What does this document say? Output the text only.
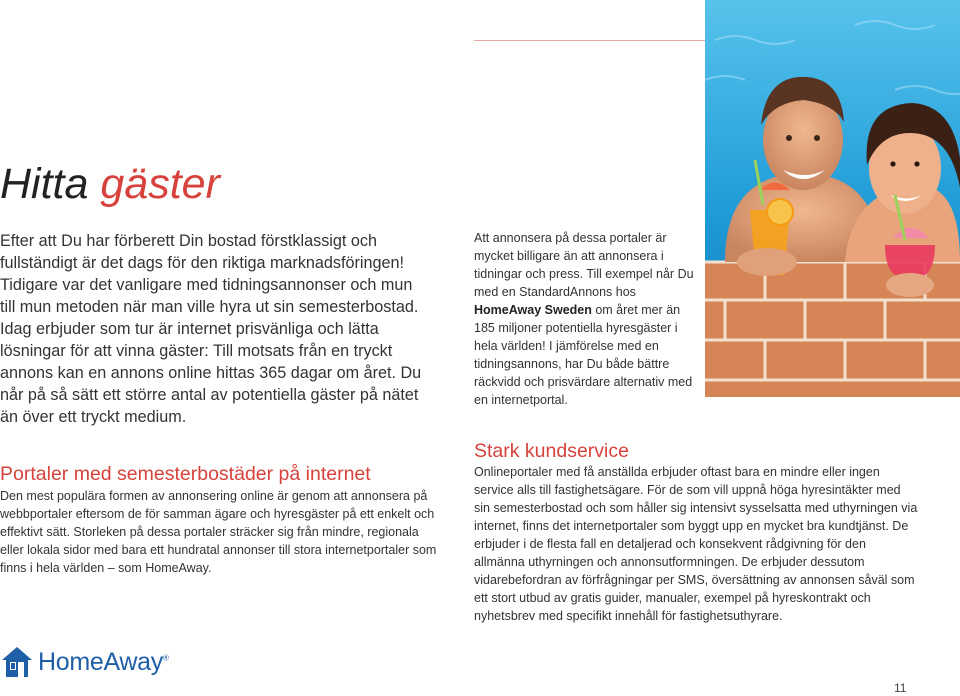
Hitta gäster
Efter att Du har förberett Din bostad förstklassigt och fullständigt är det dags för den riktiga marknadsföringen! Tidigare var det vanligare med tidningsannonser och mun till mun metoden när man ville hyra ut sin semesterbostad. Idag erbjuder som tur är internet prisvänliga och lätta lösningar för att vinna gäster: Till motsats från en tryckt annons kan en annons online hittas 365 dagar om året. Du når på så sätt ett större antal av potentiella gäster på nätet än över ett tryckt medium.
Portaler med semesterbostäder på internet
Den mest populära formen av annonsering online är genom att annonsera på webbportaler eftersom de för samman ägare och hyresgäster på ett enkelt och effektivt sätt. Storleken på dessa portaler sträcker sig från mindre, regionala eller lokala sidor med bara ett hundratal annonser till stora internetportaler som finns i hela världen – som HomeAway.
Att annonsera på dessa portaler är mycket billigare än att annonsera i tidningar och press. Till exempel når Du med en StandardAnnons hos HomeAway Sweden om året mer än 185 miljoner potentiella hyresgäster i hela världen! I jämförelse med en tidningsannons, har Du både bättre räckvidd och prisvärdare alternativ med en internetportal.
Stark kundservice
Onlineportaler med få anställda erbjuder oftast bara en mindre eller ingen service alls till fastighetsägare. För de som vill uppnå höga hyresintäkter med sin semesterbostad och som håller sig intensivt sysselsatta med uthyrningen via internet, finns det internetportaler som byggt upp en mycket bra kundtjänst. De erbjuder i de flesta fall en detaljerad och konsekvent rådgivning för den allmänna uthyrningen och annonsutformningen. De erbjuder dessutom vidarebefordran av förfrågningar per SMS, översättning av annonsen såväl som ett stort utbud av gratis guider, manualer, exempel på hyreskontrakt och nyhetsbrev med specifikt innehåll för fastighetsuthyrare.
HomeAway®
11
